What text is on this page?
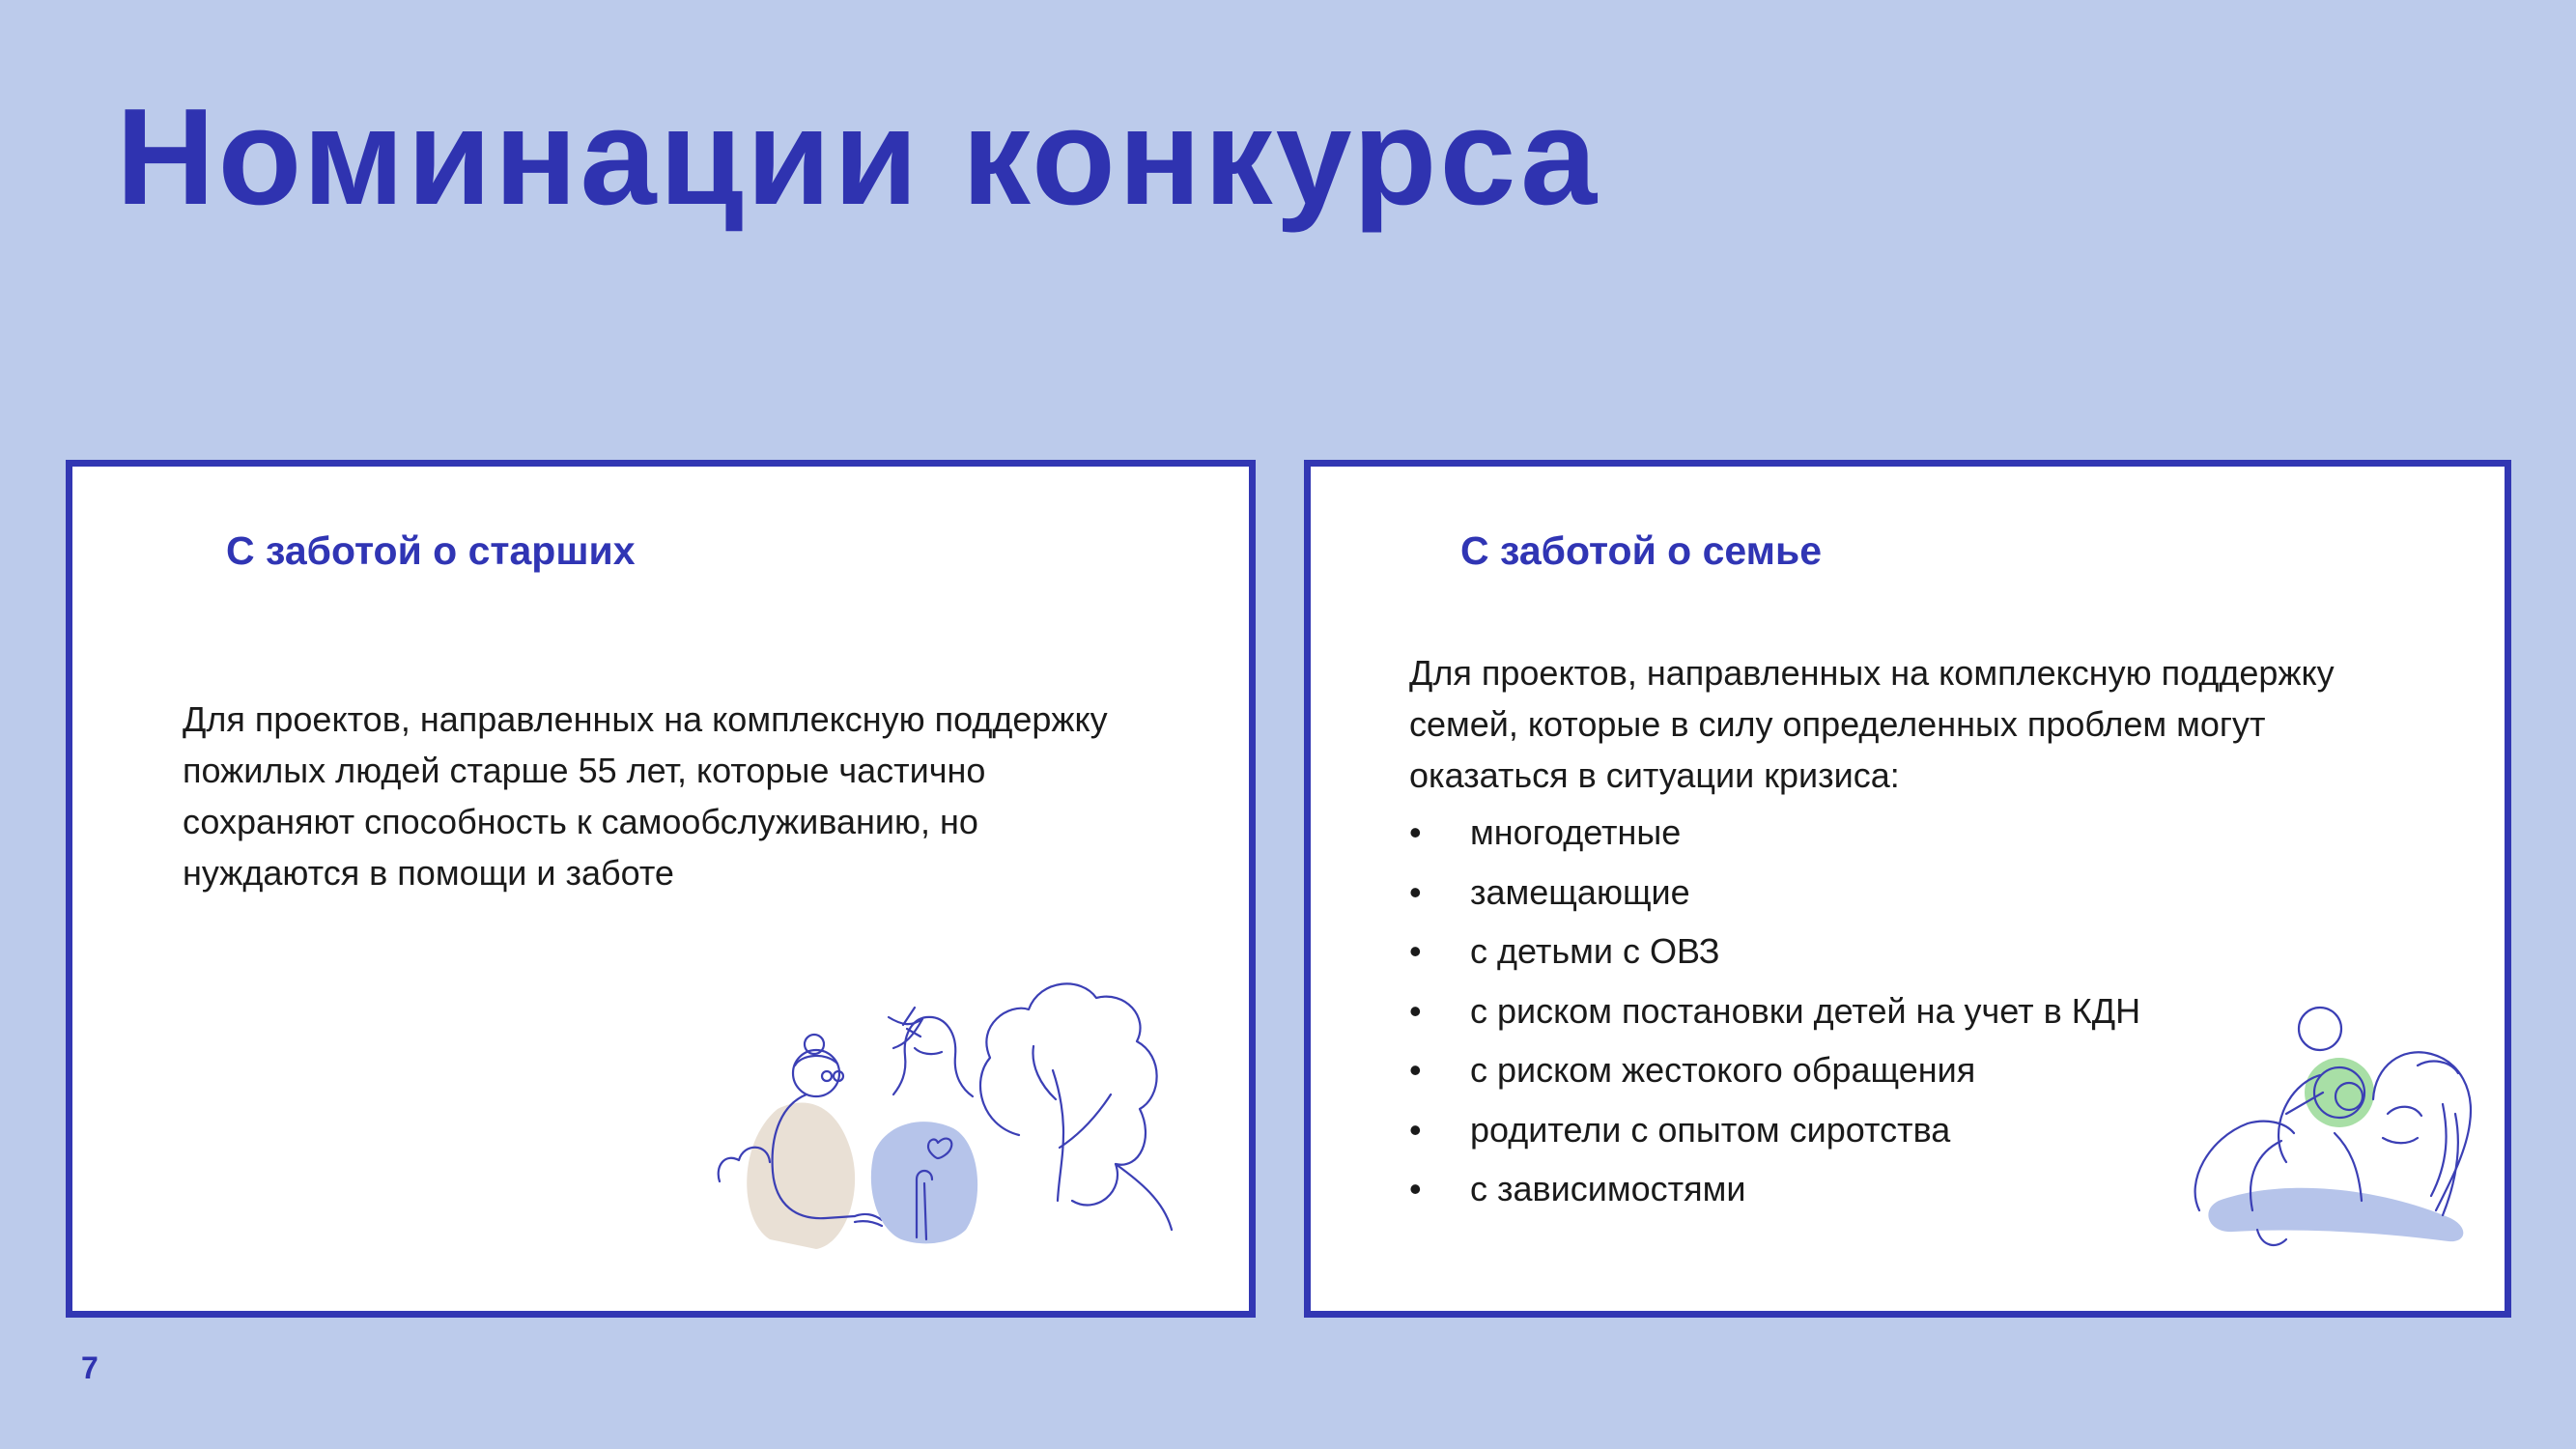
Номинации конкурса
С заботой о старших

Для проектов, направленных на комплексную поддержку пожилых людей старше 55 лет, которые частично сохраняют способность к самообслуживанию, но нуждаются в помощи и заботе

С заботой о семье

Для проектов, направленных на комплексную поддержку семей, которые в силу определенных проблем могут оказаться в ситуации кризиса:

• многодетные
• замещающие
• с детьми с ОВЗ
• с риском постановки детей на учет в КДН
• с риском жестокого обращения
• родители с опытом сиротства
• с зависимостями
7
